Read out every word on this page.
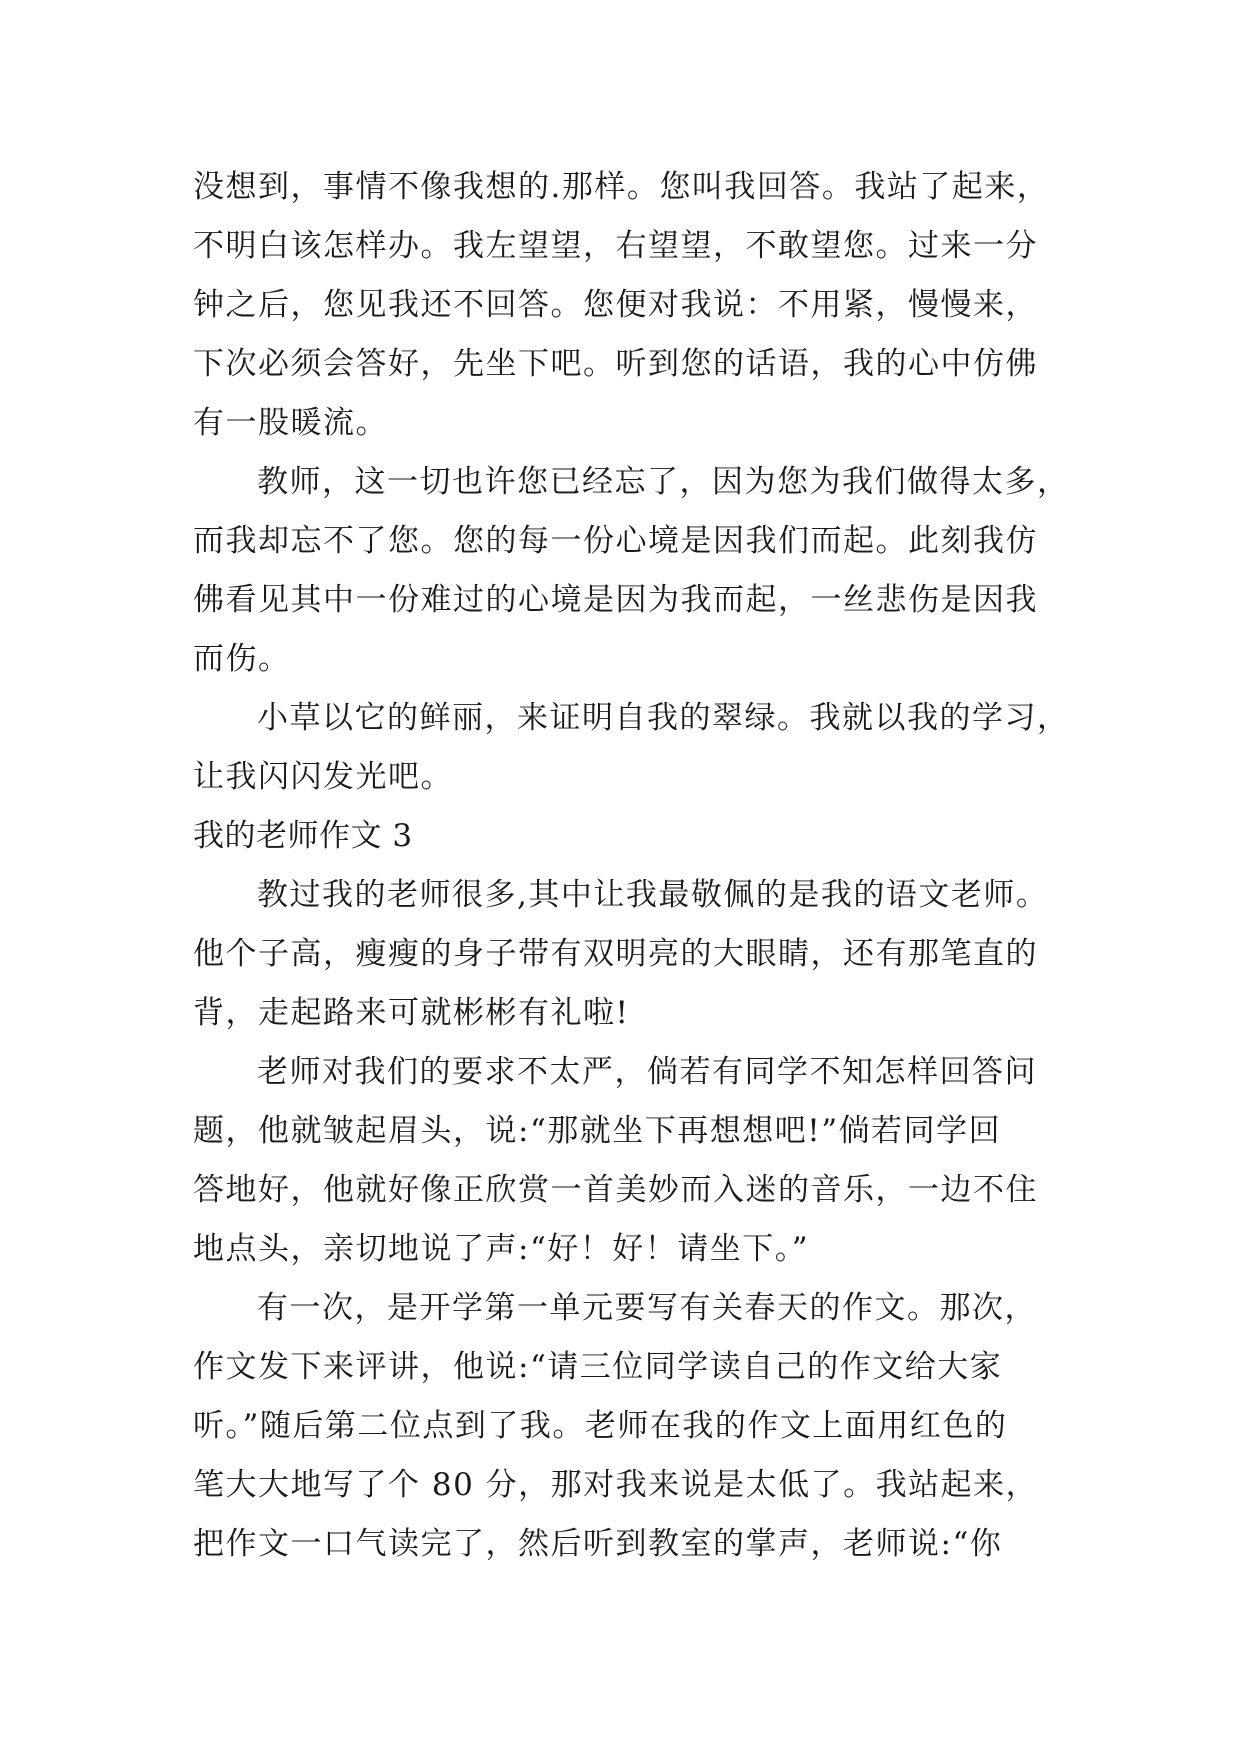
没想到，事情不像我想的.那样。您叫我回答。我站了起来，
不明白该怎样办。我左望望，右望望，不敢望您。过来一分
钟之后，您见我还不回答。您便对我说：不用紧，慢慢来，
下次必须会答好，先坐下吧。听到您的话语，我的心中仿佛
有一股暖流。
教师，这一切也许您已经忘了，因为您为我们做得太多，
而我却忘不了您。您的每一份心境是因我们而起。此刻我仿
佛看见其中一份难过的心境是因为我而起，一丝悲伤是因我
而伤。
小草以它的鲜丽，来证明自我的翠绿。我就以我的学习，
让我闪闪发光吧。
我的老师作文 3
教过我的老师很多,其中让我最敬佩的是我的语文老师。
他个子高，瘦瘦的身子带有双明亮的大眼睛，还有那笔直的
背，走起路来可就彬彬有礼啦!
老师对我们的要求不太严，倘若有同学不知怎样回答问
题，他就皱起眉头，说:“那就坐下再想想吧!”倘若同学回
答地好，他就好像正欣赏一首美妙而入迷的音乐，一边不住
地点头，亲切地说了声:“好！好！请坐下。”
有一次，是开学第一单元要写有关春天的作文。那次，
作文发下来评讲，他说:“请三位同学读自己的作文给大家
听。”随后第二位点到了我。老师在我的作文上面用红色的
笔大大地写了个 80 分，那对我来说是太低了。我站起来，
把作文一口气读完了，然后听到教室的掌声，老师说:“你
